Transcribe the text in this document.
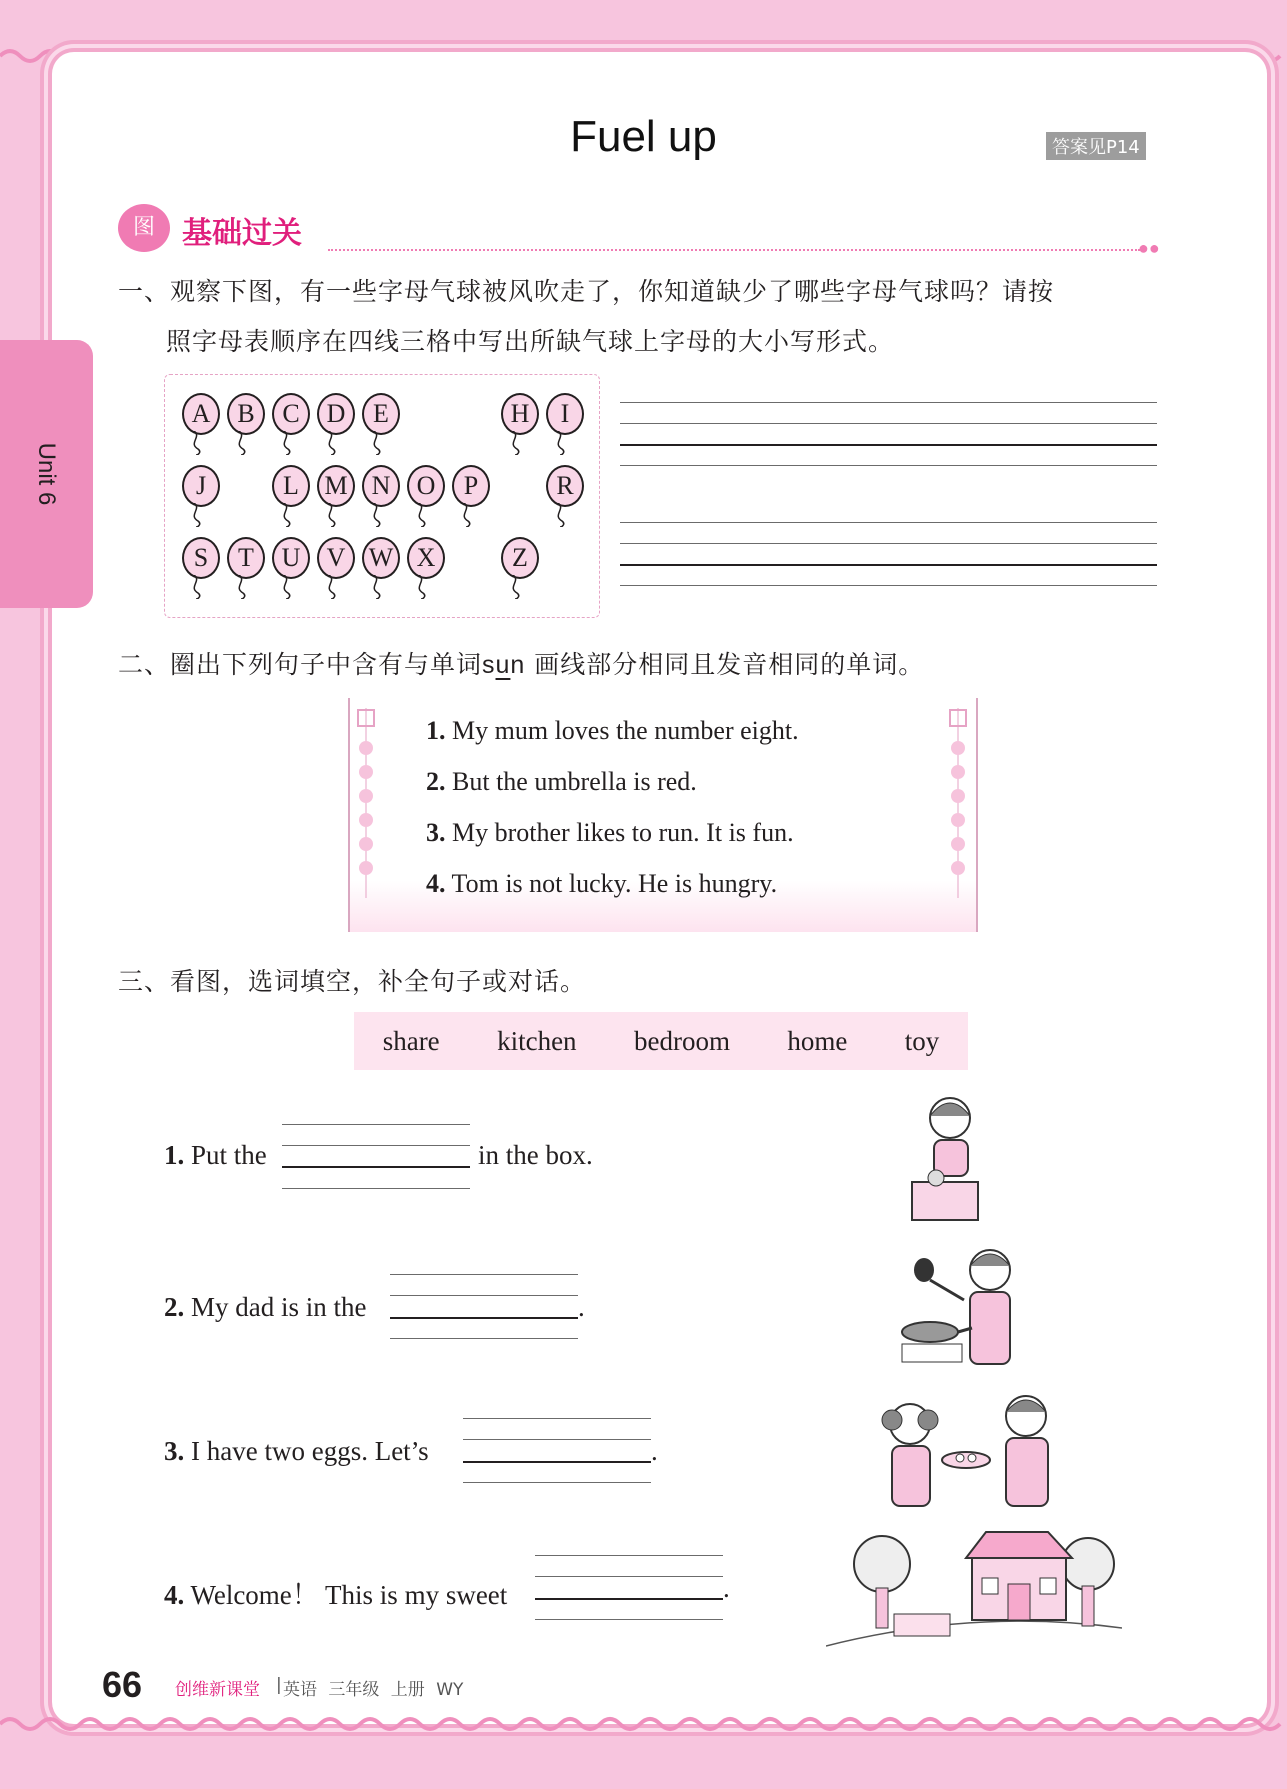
Unit 6
Fuel up	答案见P14
图 基础过关	●●
一、观察下图，有一些字母气球被风吹走了，你知道缺少了哪些字母气球吗？请按
照字母表顺序在四线三格中写出所缺气球上字母的大小写形式。
A	B	C	D	E	H	I
J	L M N	O	P	R
S	T	U	V W X	Z
二、圈出下列句子中含有与单词sun 画线部分相同且发音相同的单词。
1. My mum loves the number eight.
2. But the umbrella is red.
3. My brother likes to run. It is fun.
4. Tom is not lucky. He is hungry.
三、看图，选词填空，补全句子或对话。
share kitchen bedroom home toy
1. Put the	in the box.
2. My dad is in the	.
3. I have two eggs. Let’s	.
4. Welcome！ This is my sweet	.
66 创维新课堂 | 英语 三年级 上册 WY
